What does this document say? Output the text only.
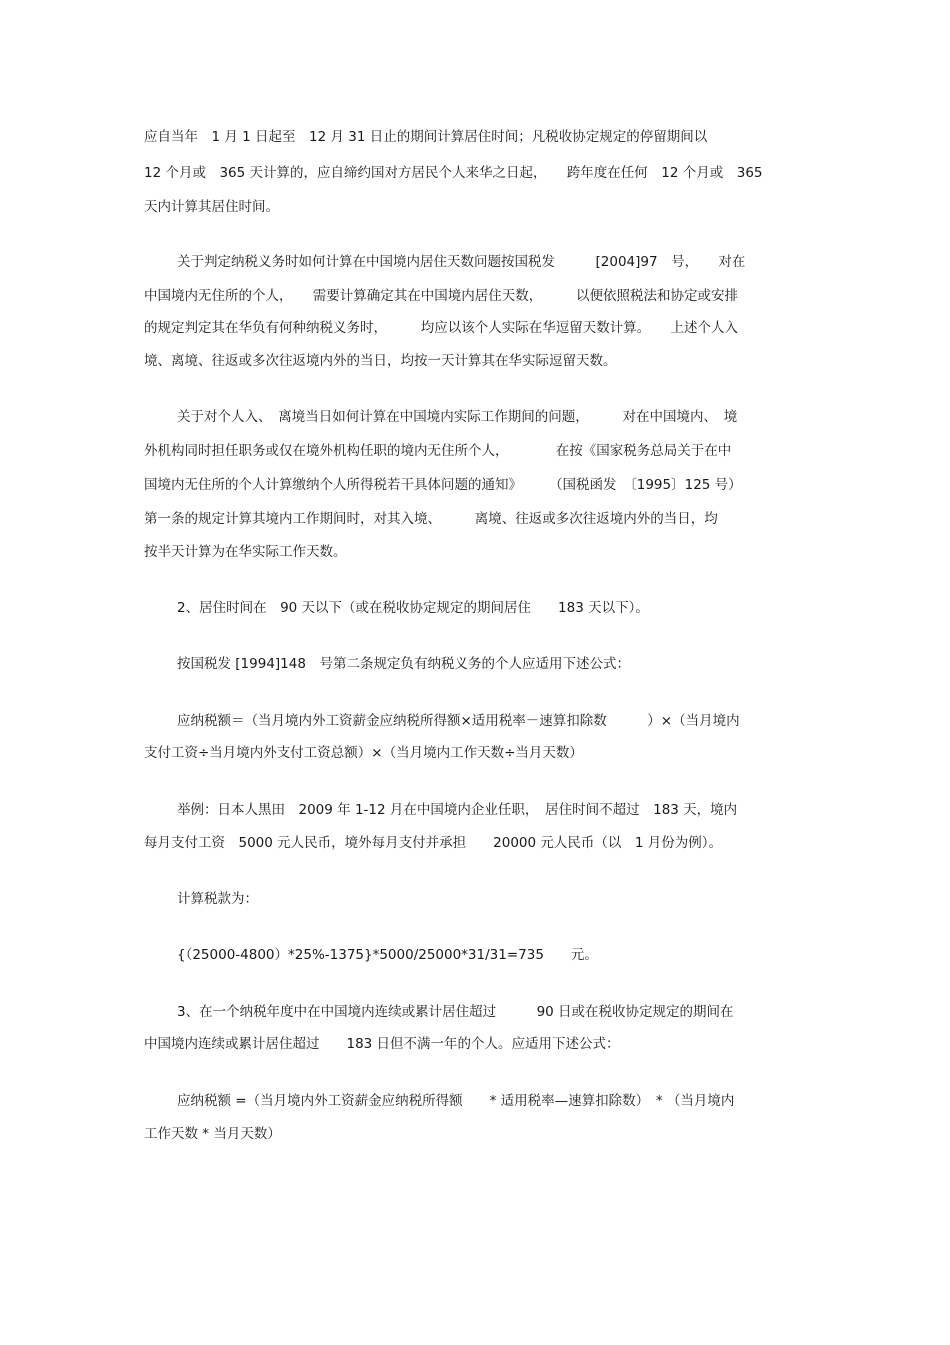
应自当年　1 月 1 日起至　12 月 31 日止的期间计算居住时间；凡税收协定规定的停留期间以
12 个月或　365 天计算的，应自缔约国对方居民个人来华之日起，　　跨年度在任何　12 个月或　365
天内计算其居住时间。
关于判定纳税义务时如何计算在中国境内居住天数问题按国税发　　　[2004]97　号，　　对在
中国境内无住所的个人，　　需要计算确定其在中国境内居住天数，　　　以便依照税法和协定或安排
的规定判定其在华负有何种纳税义务时，　　　均应以该个人实际在华逗留天数计算。　　上述个人入
境、离境、往返或多次往返境内外的当日，均按一天计算其在华实际逗留天数。
关于对个人入、　离境当日如何计算在中国境内实际工作期间的问题，　　　对在中国境内、　境
外机构同时担任职务或仅在境外机构任职的境内无住所个人，　　　　在按《国家税务总局关于在中
国境内无住所的个人计算缴纳个人所得税若干具体问题的通知》　　　（国税函发　〔1995〕125 号）
第一条的规定计算其境内工作期间时，对其入境、　　　离境、往返或多次往返境内外的当日，均
按半天计算为在华实际工作天数。
2、居住时间在　90 天以下（或在税收协定规定的期间居住　　183 天以下）。
按国税发 [1994]148　号第二条规定负有纳税义务的个人应适用下述公式：
应纳税额＝（当月境内外工资薪金应纳税所得额×适用税率－速算扣除数　　　）×（当月境内
支付工资÷当月境内外支付工资总额）×（当月境内工作天数÷当月天数）
举例：日本人黒田　2009 年 1-12 月在中国境内企业任职，　居住时间不超过　183 天，境内
每月支付工资　5000 元人民币，境外每月支付并承担　　20000 元人民币（以　1 月份为例）。
计算税款为：
{（25000-4800）*25%-1375}*5000/25000*31/31=735　　元。
3、在一个纳税年度中在中国境内连续或累计居住超过　　　90 日或在税收协定规定的期间在
中国境内连续或累计居住超过　　183 日但不满一年的个人。应适用下述公式：
应纳税额 =（当月境内外工资薪金应纳税所得额　　* 适用税率—速算扣除数）　* （当月境内
工作天数 * 当月天数）
